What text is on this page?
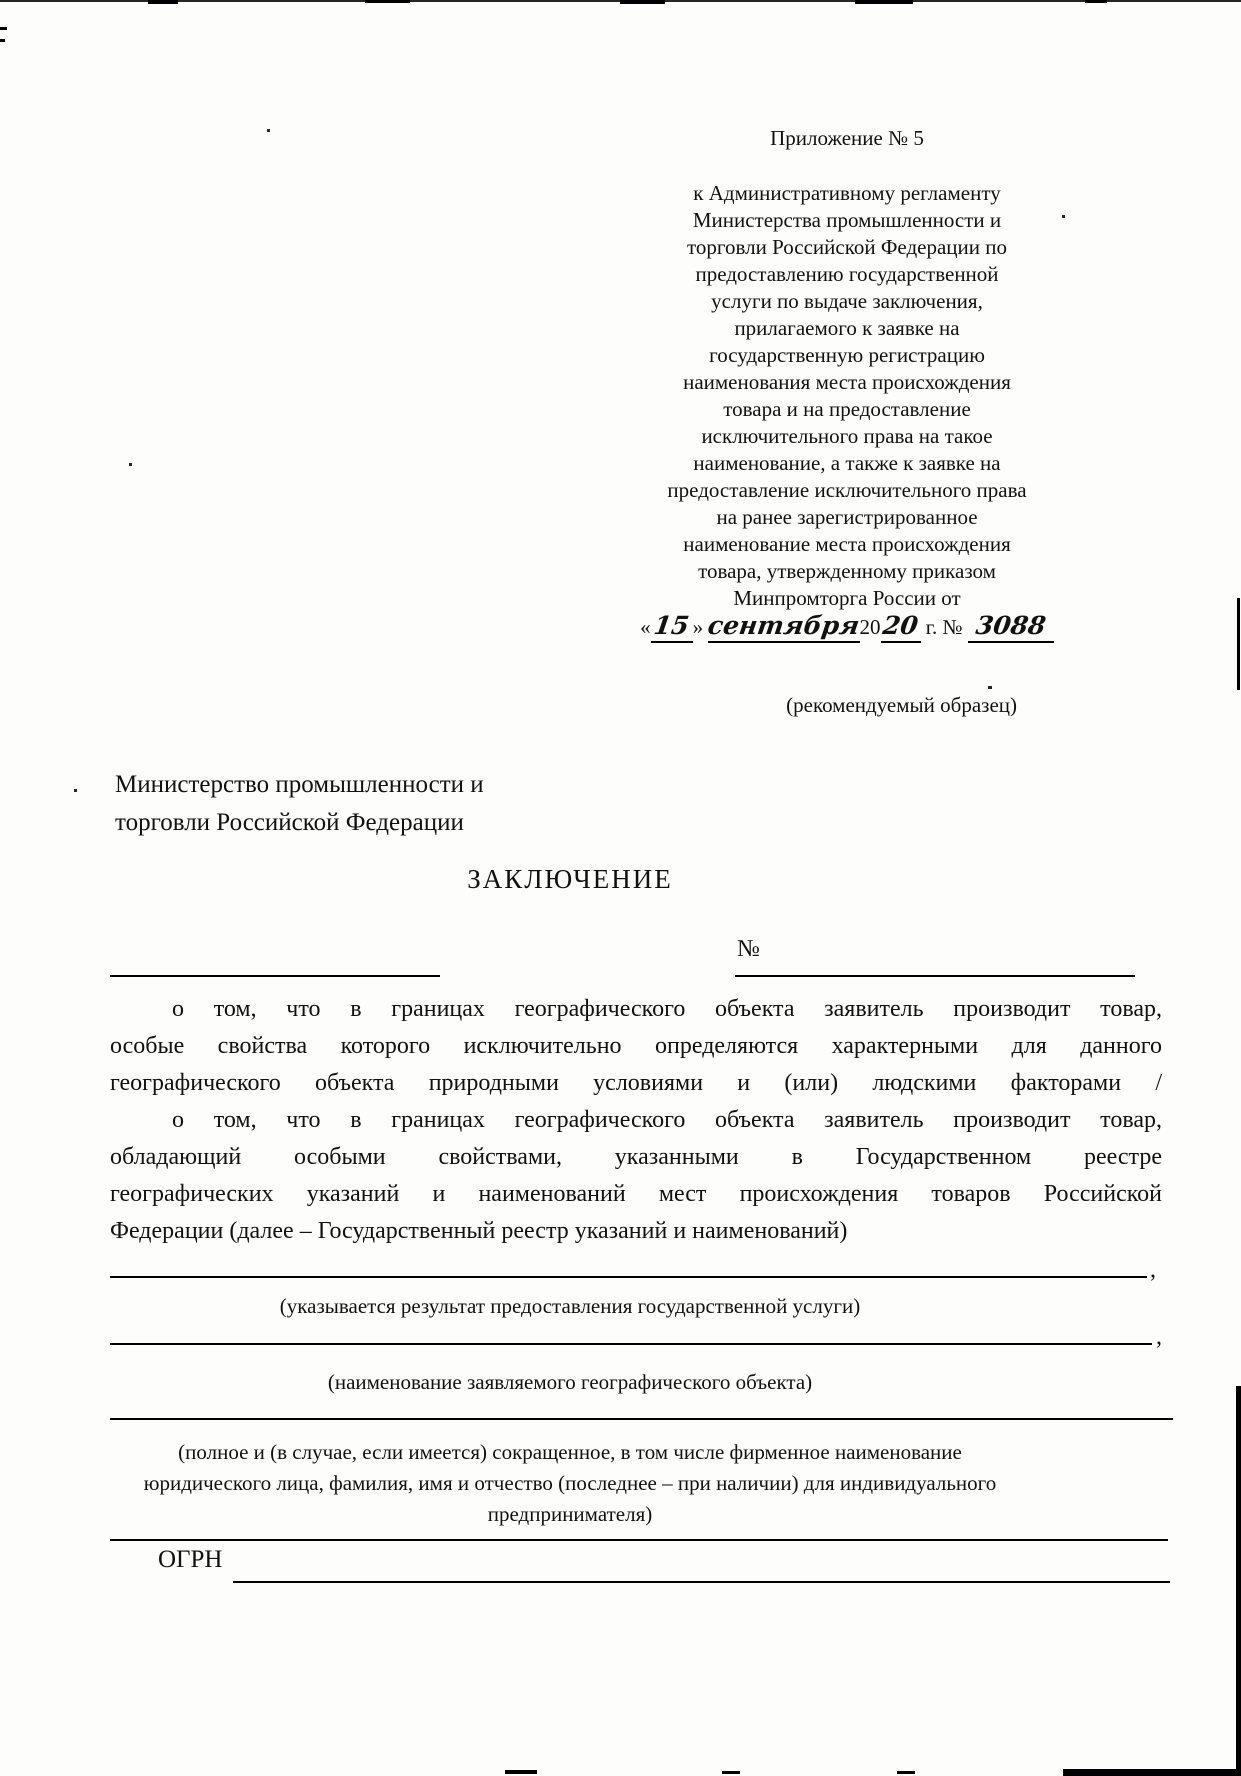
Приложение № 5
к Административному регламенту
Министерства промышленности и
торговли Российской Федерации по
предоставлению государственной
услуги по выдаче заключения,
прилагаемого к заявке на
государственную регистрацию
наименования места происхождения
товара и на предоставление
исключительного права на такое
наименование, а также к заявке на
предоставление исключительного права
на ранее зарегистрированное
наименование места происхождения
товара, утвержденному приказом
Минпромторга России от
«15» сентября2020 г. № 3088
(рекомендуемый образец)
Министерство промышленности и
торговли Российской Федерации
ЗАКЛЮЧЕНИЕ
№
о том, что в границах географического объекта заявитель производит товар,
особые свойства которого исключительно определяются характерными для данного
географического объекта природными условиями и (или) людскими факторами /
о том, что в границах географического объекта заявитель производит товар,
обладающий особыми свойствами, указанными в Государственном реестре
географических указаний и наименований мест происхождения товаров Российской
Федерации (далее – Государственный реестр указаний и наименований)
,
(указывается результат предоставления государственной услуги)
,
(наименование заявляемого географического объекта)
(полное и (в случае, если имеется) сокращенное, в том числе фирменное наименование
юридического лица, фамилия, имя и отчество (последнее – при наличии) для индивидуального
предпринимателя)
ОГРН
